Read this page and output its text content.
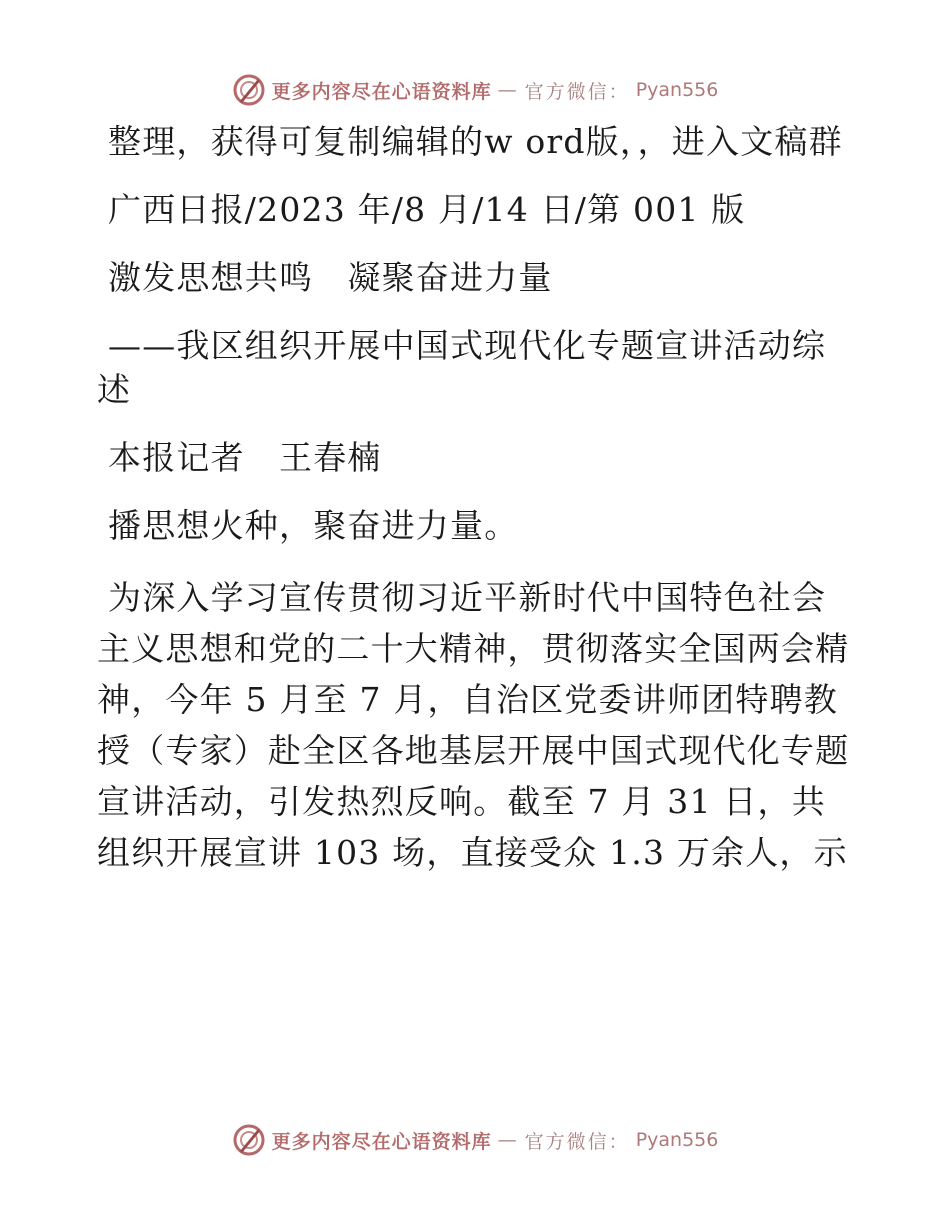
更多内容尽在心语资料库 — 官方微信： Pyan556

整理，获得可复制编辑的w ord版，，进入文稿群

广西日报/2023 年/8 月/14 日/第 001 版

激发思想共鸣　凝聚奋进力量

——我区组织开展中国式现代化专题宣讲活动综述

本报记者　王春楠

播思想火种，聚奋进力量。

为深入学习宣传贯彻习近平新时代中国特色社会主义思想和党的二十大精神，贯彻落实全国两会精神，今年 5 月至 7 月，自治区党委讲师团特聘教授（专家）赴全区各地基层开展中国式现代化专题宣讲活动，引发热烈反响。截至 7 月 31 日，共组织开展宣讲 103 场，直接受众 1.3 万余人，示

更多内容尽在心语资料库 — 官方微信： Pyan556
